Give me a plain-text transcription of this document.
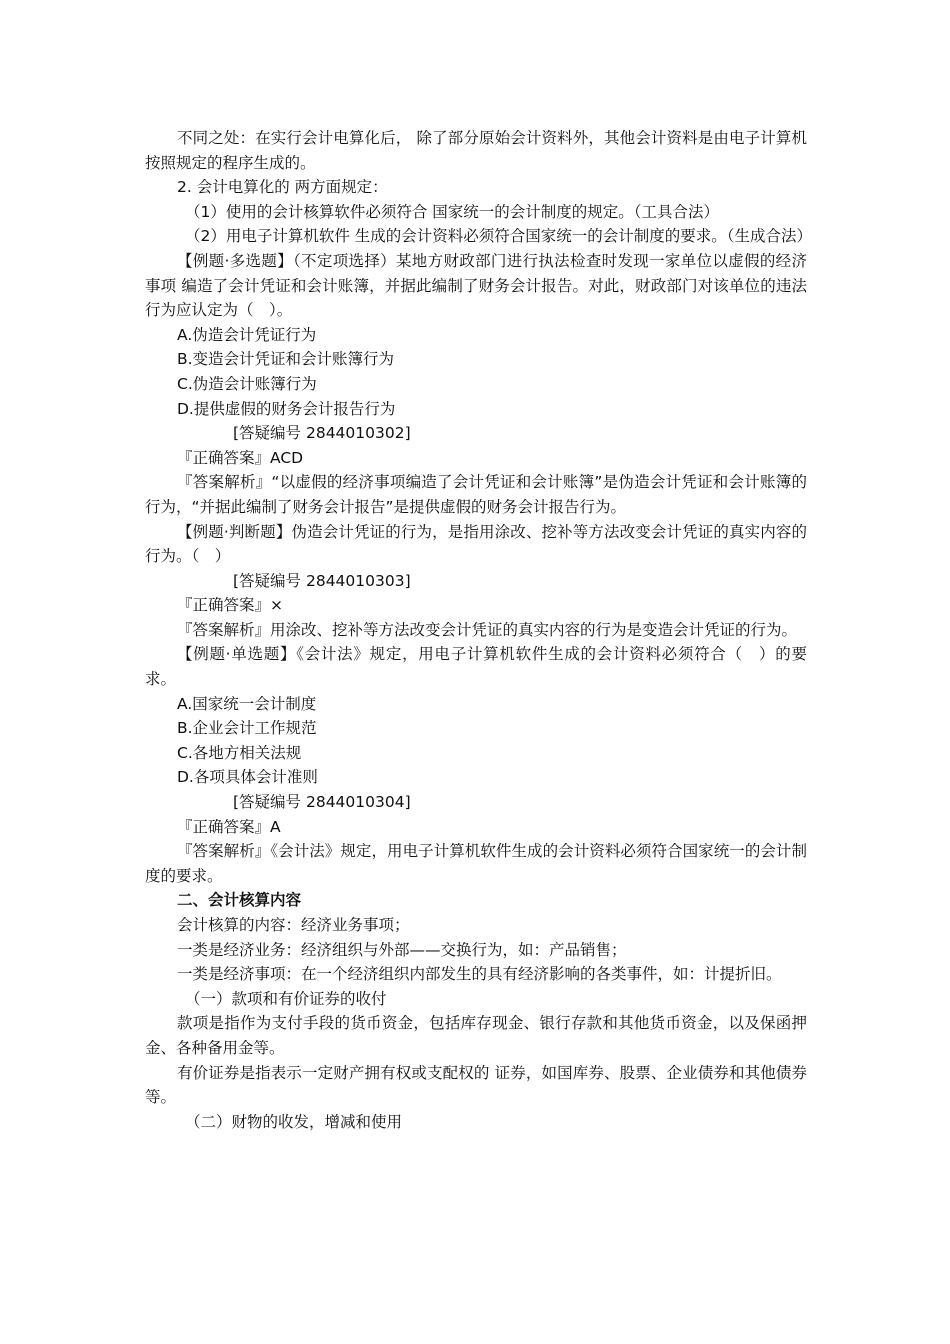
不同之处：在实行会计电算化后， 除了部分原始会计资料外，其他会计资料是由电子计算机按照规定的程序生成的。

2. 会计电算化的 两方面规定：

（1）使用的会计核算软件必须符合 国家统一的会计制度的规定。（工具合法）

（2）用电子计算机软件 生成的会计资料必须符合国家统一的会计制度的要求。（生成合法）

【例题·多选题】（不定项选择）某地方财政部门进行执法检查时发现一家单位以虚假的经济事项 编造了会计凭证和会计账簿，并据此编制了财务会计报告。对此，财政部门对该单位的违法行为应认定为（　）。

A.伪造会计凭证行为

B.变造会计凭证和会计账簿行为

C.伪造会计账簿行为

D.提供虚假的财务会计报告行为

[答疑编号 2844010302]

『正确答案』ACD

『答案解析』“以虚假的经济事项编造了会计凭证和会计账簿”是伪造会计凭证和会计账簿的行为，“并据此编制了财务会计报告”是提供虚假的财务会计报告行为。

【例题·判断题】伪造会计凭证的行为，是指用涂改、挖补等方法改变会计凭证的真实内容的行为。（　）

[答疑编号 2844010303]

『正确答案』×

『答案解析』用涂改、挖补等方法改变会计凭证的真实内容的行为是变造会计凭证的行为。

【例题·单选题】《会计法》规定，用电子计算机软件生成的会计资料必须符合（　）的要求。

A.国家统一会计制度

B.企业会计工作规范

C.各地方相关法规

D.各项具体会计准则

[答疑编号 2844010304]

『正确答案』A

『答案解析』《会计法》规定，用电子计算机软件生成的会计资料必须符合国家统一的会计制度的要求。

二、会计核算内容

会计核算的内容：经济业务事项；

一类是经济业务：经济组织与外部——交换行为，如：产品销售；

一类是经济事项：在一个经济组织内部发生的具有经济影响的各类事件，如：计提折旧。

（一）款项和有价证券的收付

款项是指作为支付手段的货币资金，包括库存现金、银行存款和其他货币资金，以及保函押金、各种备用金等。

有价证券是指表示一定财产拥有权或支配权的 证券，如国库券、股票、企业债券和其他债券等。

（二）财物的收发，增减和使用
